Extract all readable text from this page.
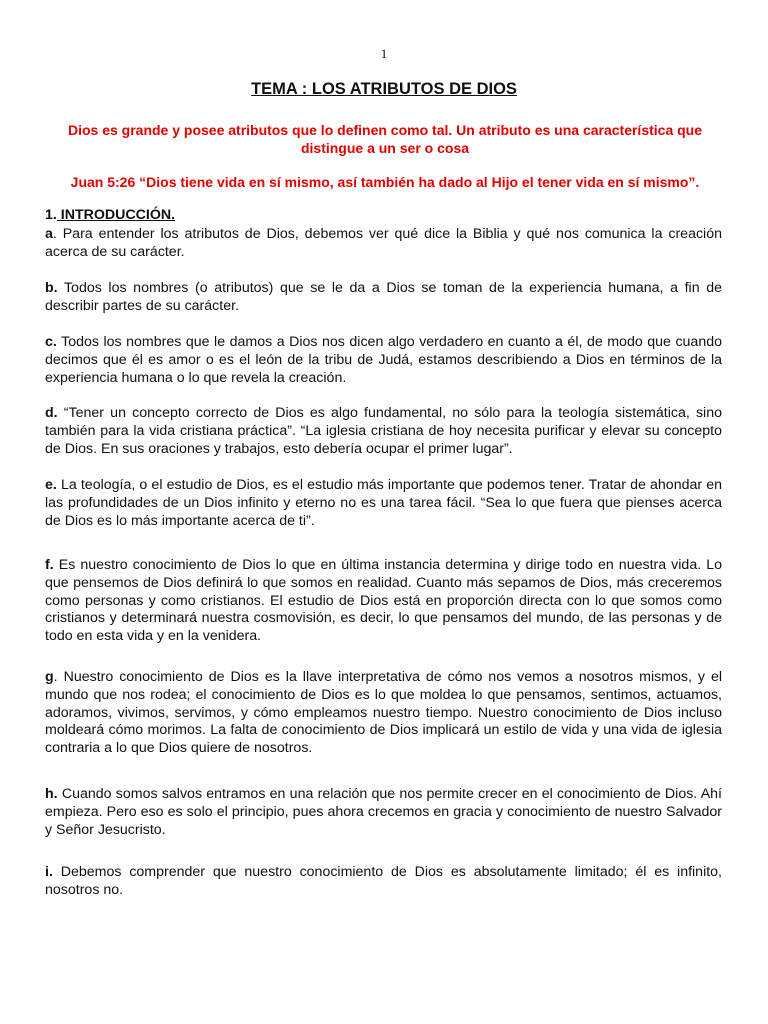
1
TEMA : LOS ATRIBUTOS DE DIOS

Dios es grande y posee atributos que lo definen como tal. Un atributo es una característica que distingue a un ser o cosa

Juan 5:26 “Dios tiene vida en sí mismo, así también ha dado al Hijo el tener vida en sí mismo”.

1. INTRODUCCIÓN.

a. Para entender los atributos de Dios, debemos ver qué dice la Biblia y qué nos comunica la creación acerca de su carácter.

b. Todos los nombres (o atributos) que se le da a Dios se toman de la experiencia humana, a fin de describir partes de su carácter.

c. Todos los nombres que le damos a Dios nos dicen algo verdadero en cuanto a él, de modo que cuando decimos que él es amor o es el león de la tribu de Judá, estamos describiendo a Dios en términos de la experiencia humana o lo que revela la creación.

d. “Tener un concepto correcto de Dios es algo fundamental, no sólo para la teología sistemática, sino también para la vida cristiana práctica”. “La iglesia cristiana de hoy necesita purificar y elevar su concepto de Dios. En sus oraciones y trabajos, esto debería ocupar el primer lugar”.

e. La teología, o el estudio de Dios, es el estudio más importante que podemos tener. Tratar de ahondar en las profundidades de un Dios infinito y eterno no es una tarea fácil. “Sea lo que fuera que pienses acerca de Dios es lo más importante acerca de ti”.

f. Es nuestro conocimiento de Dios lo que en última instancia determina y dirige todo en nuestra vida. Lo que pensemos de Dios definirá lo que somos en realidad. Cuanto más sepamos de Dios, más creceremos como personas y como cristianos. El estudio de Dios está en proporción directa con lo que somos como cristianos y determinará nuestra cosmovisión, es decir, lo que pensamos del mundo, de las personas y de todo en esta vida y en la venidera.

g. Nuestro conocimiento de Dios es la llave interpretativa de cómo nos vemos a nosotros mismos, y el mundo que nos rodea; el conocimiento de Dios es lo que moldea lo que pensamos, sentimos, actuamos, adoramos, vivimos, servimos, y cómo empleamos nuestro tiempo. Nuestro conocimiento de Dios incluso moldeará cómo morimos. La falta de conocimiento de Dios implicará un estilo de vida y una vida de iglesia contraria a lo que Dios quiere de nosotros.

h. Cuando somos salvos entramos en una relación que nos permite crecer en el conocimiento de Dios. Ahí empieza. Pero eso es solo el principio, pues ahora crecemos en gracia y conocimiento de nuestro Salvador y Señor Jesucristo.

i. Debemos comprender que nuestro conocimiento de Dios es absolutamente limitado; él es infinito, nosotros no.
